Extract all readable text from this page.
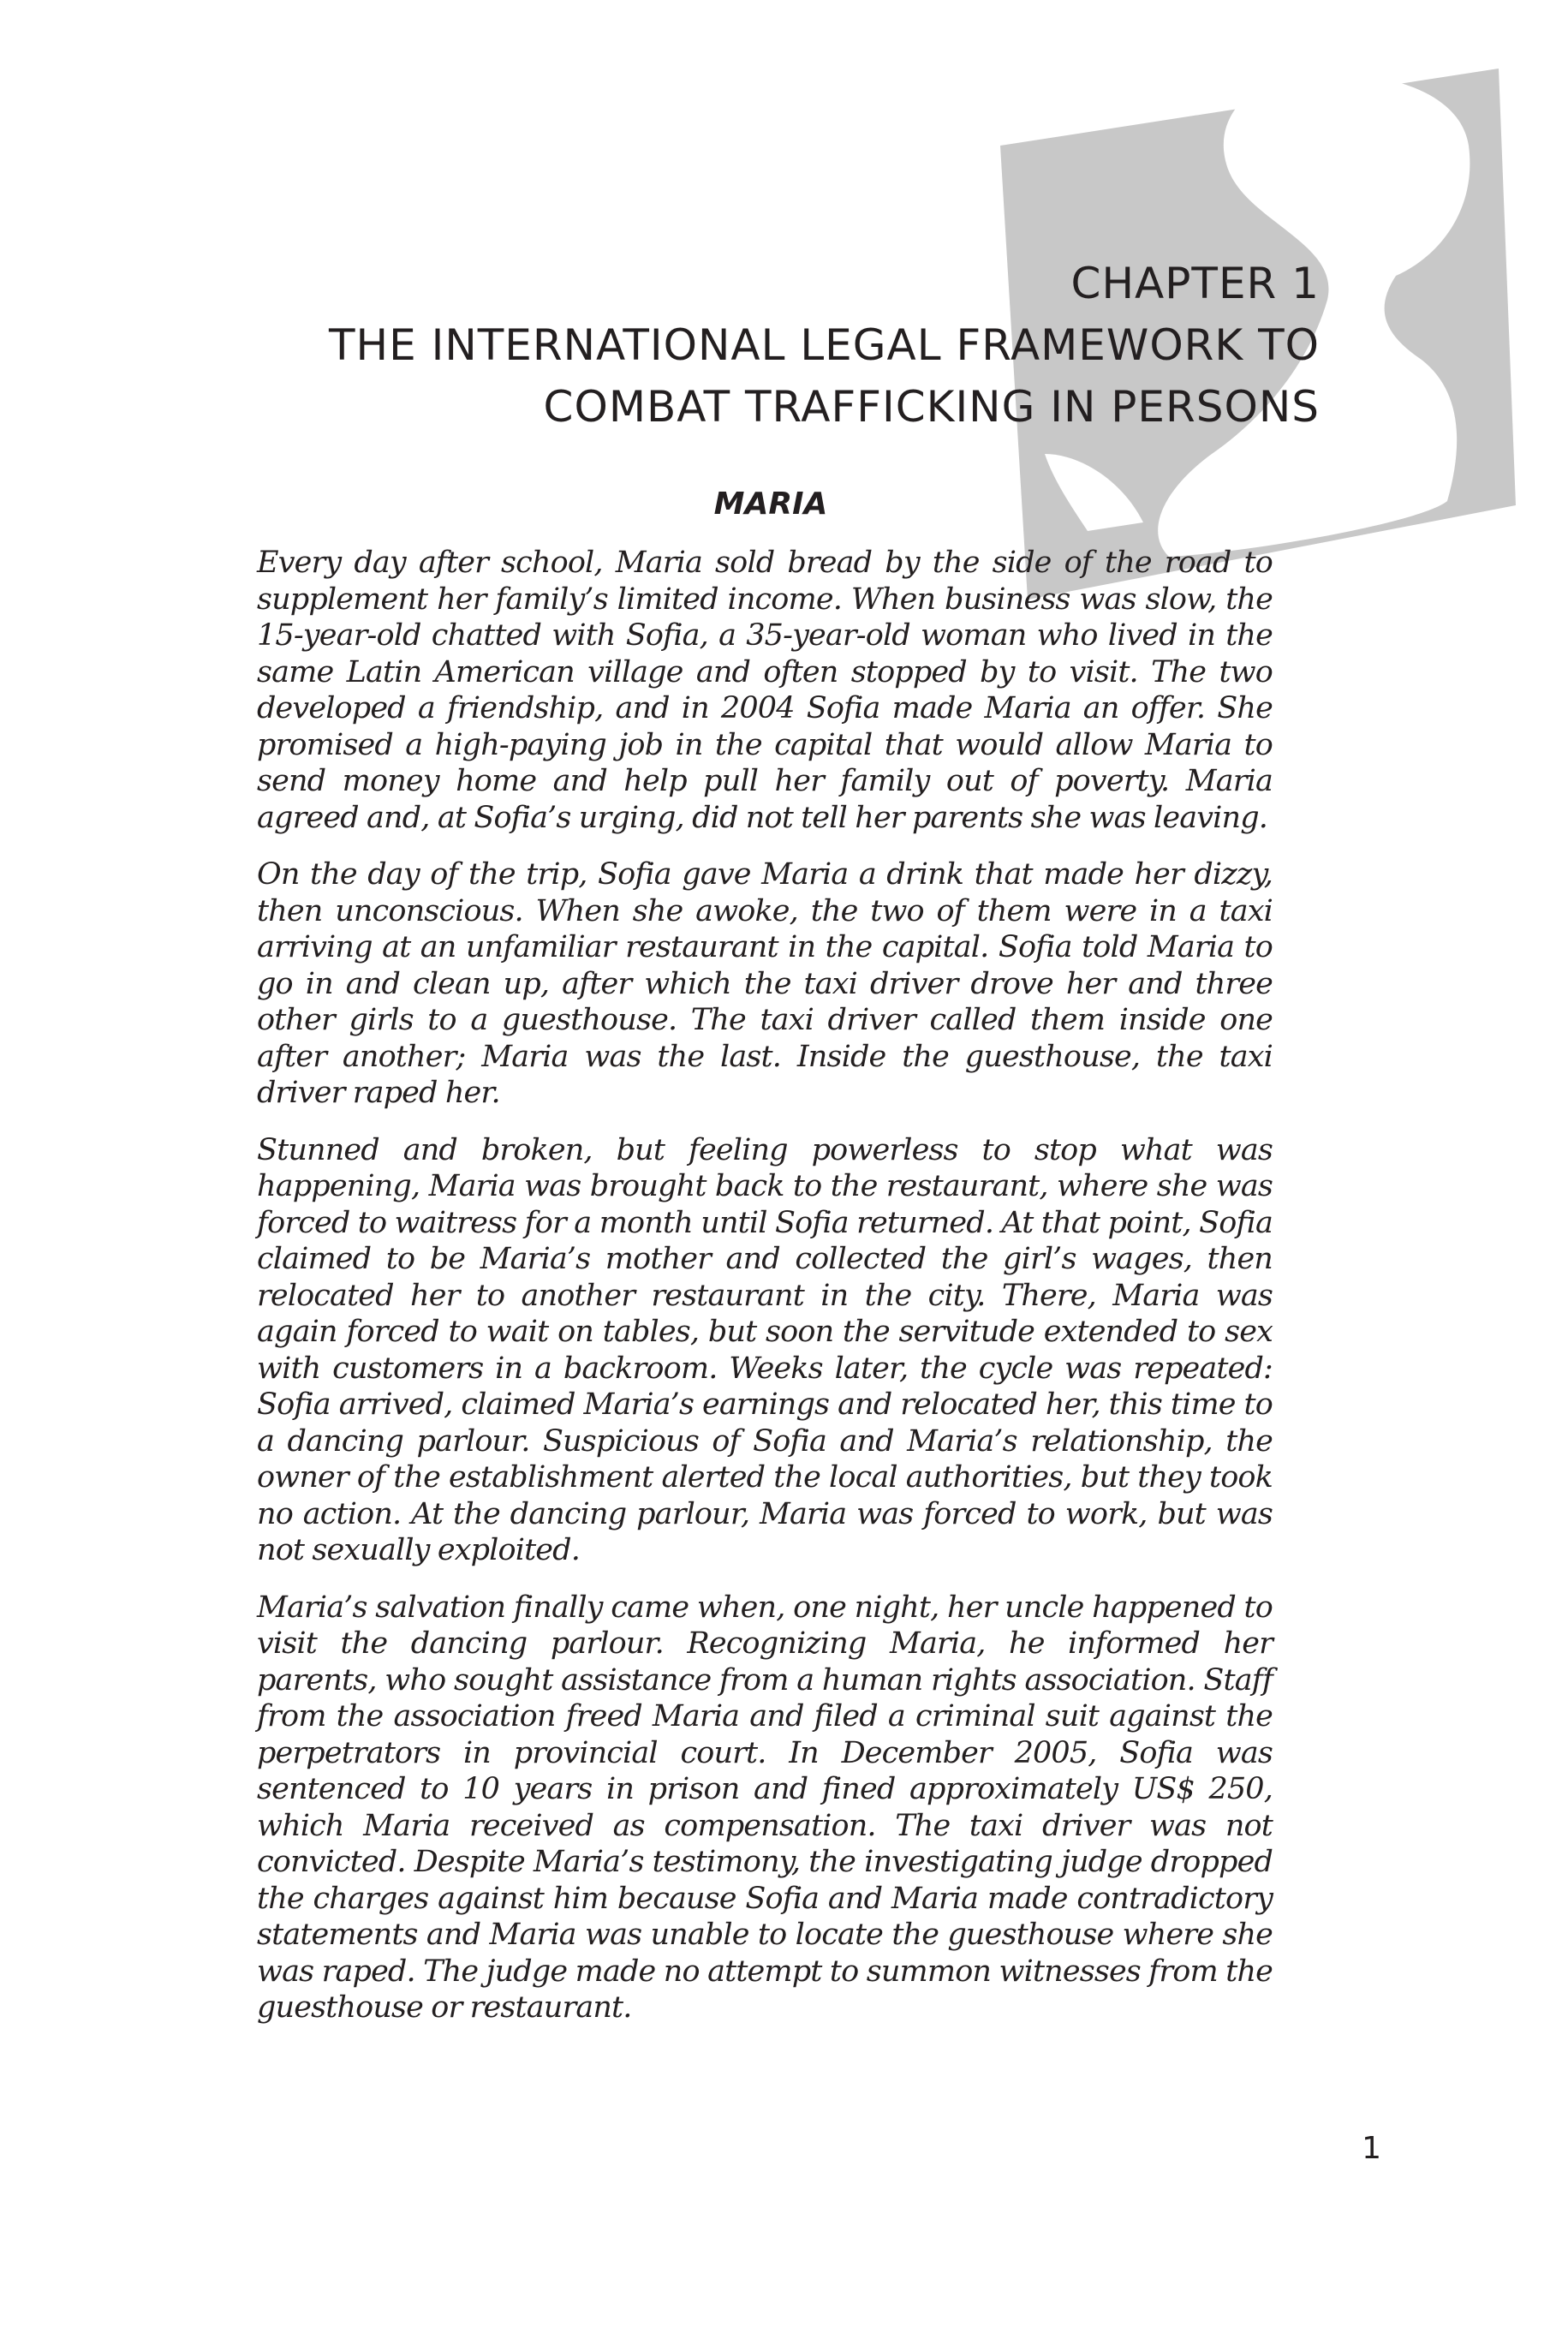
CHAPTER 1
THE INTERNATIONAL LEGAL FRAMEWORK TO
COMBAT TRAFFICKING IN PERSONS
MARIA

Every day after school, Maria sold bread by the side of the road to supplement her family’s limited income. When business was slow, the 15-year-old chatted with Sofia, a 35-year-old woman who lived in the same Latin American village and often stopped by to visit. The two developed a friendship, and in 2004 Sofia made Maria an offer. She promised a high-paying job in the capital that would allow Maria to send money home and help pull her family out of poverty. Maria agreed and, at Sofia’s urging, did not tell her parents she was leaving.

On the day of the trip, Sofia gave Maria a drink that made her dizzy, then unconscious. When she awoke, the two of them were in a taxi arriving at an unfamiliar restaurant in the capital. Sofia told Maria to go in and clean up, after which the taxi driver drove her and three other girls to a guesthouse. The taxi driver called them inside one after another; Maria was the last. Inside the guesthouse, the taxi driver raped her.

Stunned and broken, but feeling powerless to stop what was happening, Maria was brought back to the restaurant, where she was forced to waitress for a month until Sofia returned. At that point, Sofia claimed to be Maria’s mother and collected the girl’s wages, then relocated her to another restaurant in the city. There, Maria was again forced to wait on tables, but soon the servitude extended to sex with customers in a backroom. Weeks later, the cycle was repeated: Sofia arrived, claimed Maria’s earnings and relocated her, this time to a dancing parlour. Suspicious of Sofia and Maria’s relationship, the owner of the establishment alerted the local authorities, but they took no action. At the dancing parlour, Maria was forced to work, but was not sexually exploited.

Maria’s salvation finally came when, one night, her uncle happened to visit the dancing parlour. Recognizing Maria, he informed her parents, who sought assistance from a human rights association. Staff from the association freed Maria and filed a criminal suit against the perpetrators in provincial court. In December 2005, Sofia was sentenced to 10 years in prison and fined approximately US$ 250, which Maria received as compensation. The taxi driver was not convicted. Despite Maria’s testimony, the investigating judge dropped the charges against him because Sofia and Maria made contradictory statements and Maria was unable to locate the guesthouse where she was raped. The judge made no attempt to summon witnesses from the guesthouse or restaurant.

1
